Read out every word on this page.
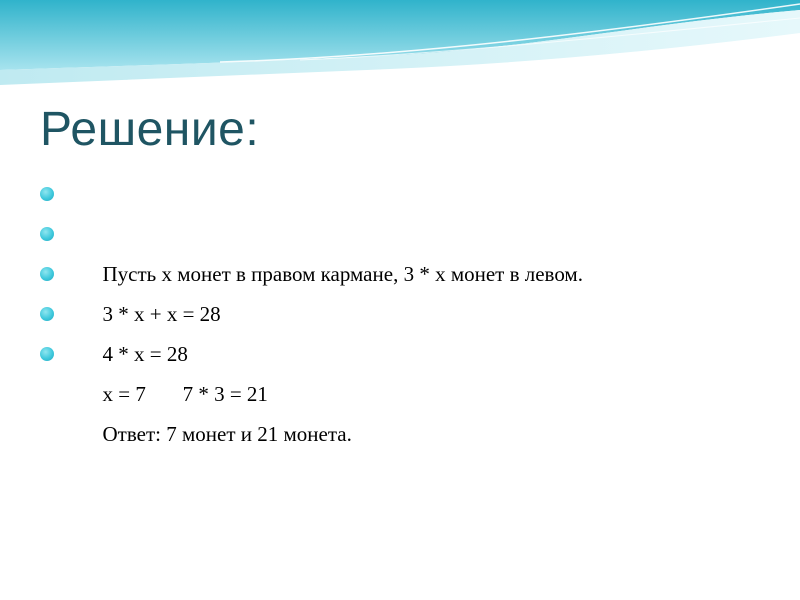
Решение:

Пусть х монет в правом кармане, 3 * х монет в левом.

3 * х + х = 28

4 * х = 28

х = 7       7 * 3 = 21

Ответ: 7 монет и 21 монета.
